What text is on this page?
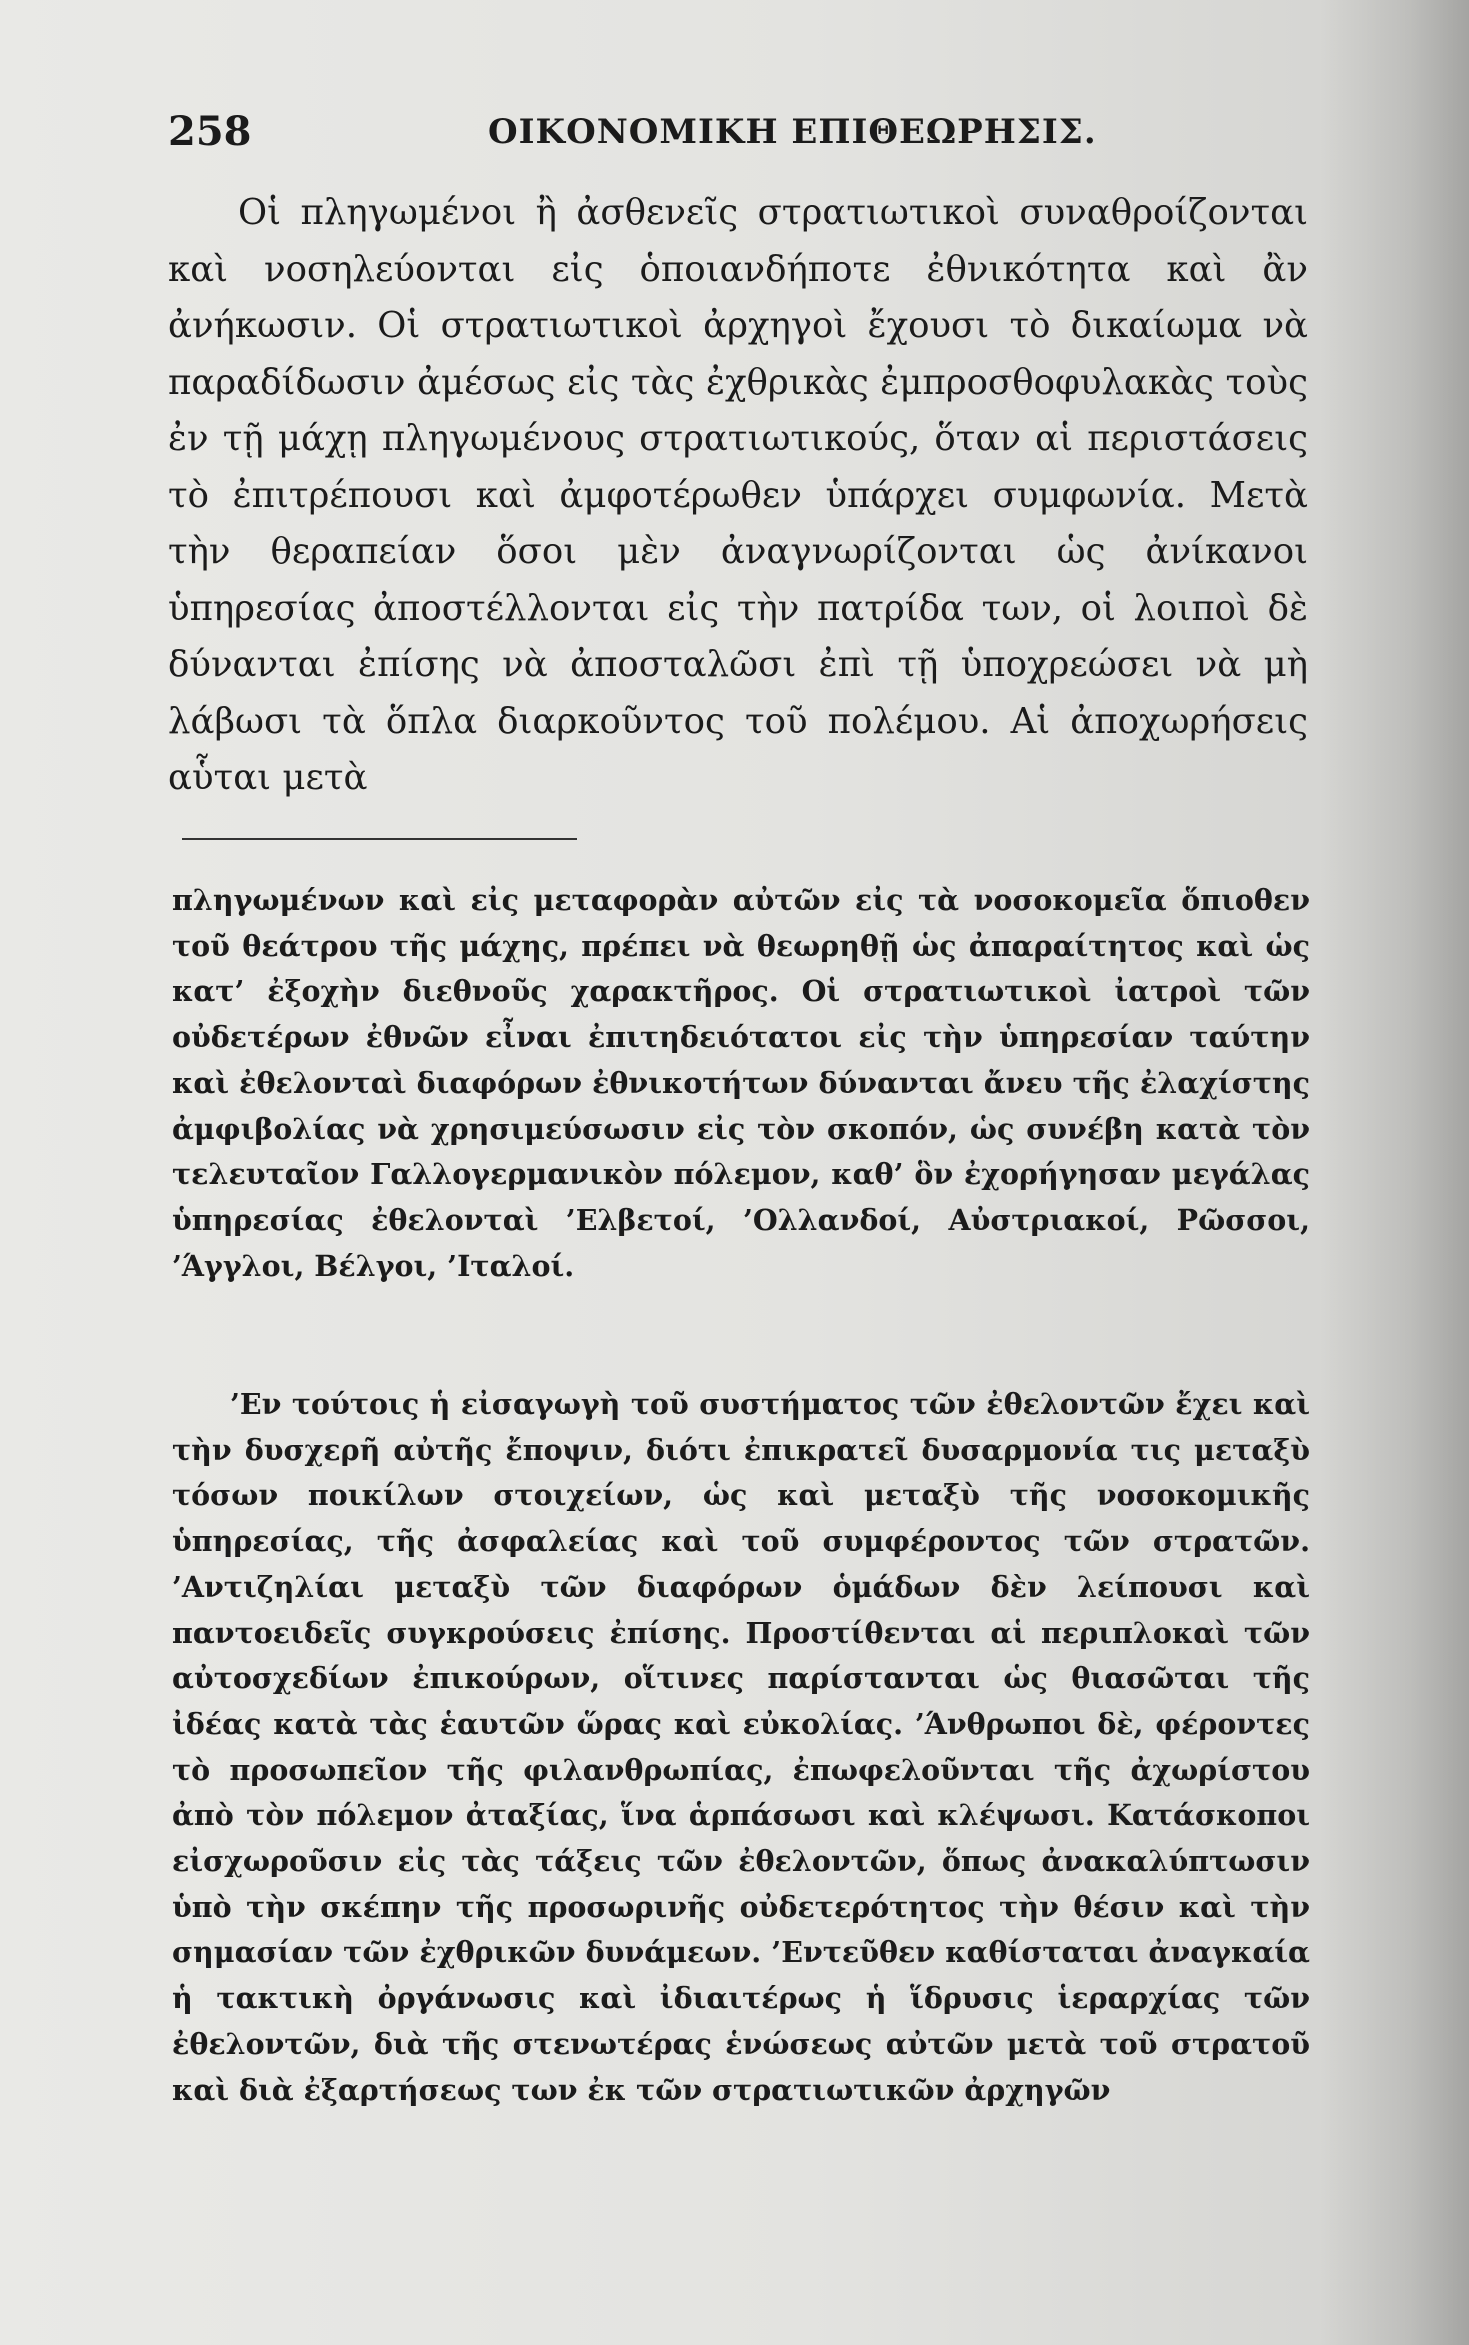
258	ΟΙΚΟΝΟΜΙΚΗ ΕΠΙΘΕΩΡΗΣΙΣ.

Οἱ πληγωμένοι ἢ ἀσθενεῖς στρατιωτικοὶ συναθροίζονται καὶ νοσηλεύονται εἰς ὁποιανδήποτε ἐθνικότητα καὶ ἂν ἀνήκωσιν. Οἱ στρατιωτικοὶ ἀρχηγοὶ ἔχουσι τὸ δικαίωμα νὰ παραδίδωσιν ἀμέσως εἰς τὰς ἐχθρικὰς ἐμπροσθοφυλακὰς τοὺς ἐν τῇ μάχῃ πληγωμένους στρατιωτικούς, ὅταν αἱ περιστάσεις τὸ ἐπιτρέπουσι καὶ ἀμφοτέρωθεν ὑπάρχει συμφωνία. Μετὰ τὴν θεραπείαν ὅσοι μὲν ἀναγνωρίζονται ὡς ἀνίκανοι ὑπηρεσίας ἀποστέλλονται εἰς τὴν πατρίδα των, οἱ λοιποὶ δὲ δύνανται ἐπίσης νὰ ἀποσταλῶσι ἐπὶ τῇ ὑποχρεώσει νὰ μὴ λάβωσι τὰ ὅπλα διαρκοῦντος τοῦ πολέμου. Αἱ ἀποχωρήσεις αὗται μετὰ

πληγωμένων καὶ εἰς μεταφορὰν αὐτῶν εἰς τὰ νοσοκομεῖα ὅπιοθεν τοῦ θεάτρου τῆς μάχης, πρέπει νὰ θεωρηθῇ ὡς ἀπαραίτητος καὶ ὡς κατ’ ἐξοχὴν διεθνοῦς χαρακτῆρος. Οἱ στρατιωτικοὶ ἰατροὶ τῶν οὐδετέρων ἐθνῶν εἶναι ἐπιτηδειότατοι εἰς τὴν ὑπηρεσίαν ταύτην καὶ ἐθελονταὶ διαφόρων ἐθνικοτήτων δύνανται ἄνευ τῆς ἐλαχίστης ἀμφιβολίας νὰ χρησιμεύσωσιν εἰς τὸν σκοπόν, ὡς συνέβη κατὰ τὸν τελευταῖον Γαλλογερμανικὸν πόλεμον, καθ’ ὃν ἐχορήγησαν μεγάλας ὑπηρεσίας ἐθελονταὶ ’Ελβετοί, ’Ολλανδοί, Αὐστριακοί, Ρῶσσοι, ’Άγγλοι, Βέλγοι, ’Ιταλοί.

’Εν τούτοις ἡ εἰσαγωγὴ τοῦ συστήματος τῶν ἐθελοντῶν ἔχει καὶ τὴν δυσχερῆ αὐτῆς ἔποψιν, διότι ἐπικρατεῖ δυσαρμονία τις μεταξὺ τόσων ποικίλων στοιχείων, ὡς καὶ μεταξὺ τῆς νοσοκομικῆς ὑπηρεσίας, τῆς ἀσφαλείας καὶ τοῦ συμφέροντος τῶν στρατῶν. ’Αντιζηλίαι μεταξὺ τῶν διαφόρων ὁμάδων δὲν λείπουσι καὶ παντοειδεῖς συγκρούσεις ἐπίσης. Προστίθενται αἱ περιπλοκαὶ τῶν αὐτοσχεδίων ἐπικούρων, οἵτινες παρίστανται ὡς θιασῶται τῆς ἰδέας κατὰ τὰς ἑαυτῶν ὥρας καὶ εὐκολίας. ’Άνθρωποι δὲ, φέροντες τὸ προσωπεῖον τῆς φιλανθρωπίας, ἐπωφελοῦνται τῆς ἀχωρίστου ἀπὸ τὸν πόλεμον ἀταξίας, ἵνα ἁρπάσωσι καὶ κλέψωσι. Κατάσκοποι εἰσχωροῦσιν εἰς τὰς τάξεις τῶν ἐθελοντῶν, ὅπως ἀνακαλύπτωσιν ὑπὸ τὴν σκέπην τῆς προσωρινῆς οὐδετερότητος τὴν θέσιν καὶ τὴν σημασίαν τῶν ἐχθρικῶν δυνάμεων. ’Εντεῦθεν καθίσταται ἀναγκαία ἡ τακτικὴ ὀργάνωσις καὶ ἰδιαιτέρως ἡ ἵδρυσις ἱεραρχίας τῶν ἐθελοντῶν, διὰ τῆς στενωτέρας ἑνώσεως αὐτῶν μετὰ τοῦ στρατοῦ καὶ διὰ ἐξαρτήσεως των ἐκ τῶν στρατιωτικῶν ἀρχηγῶν
